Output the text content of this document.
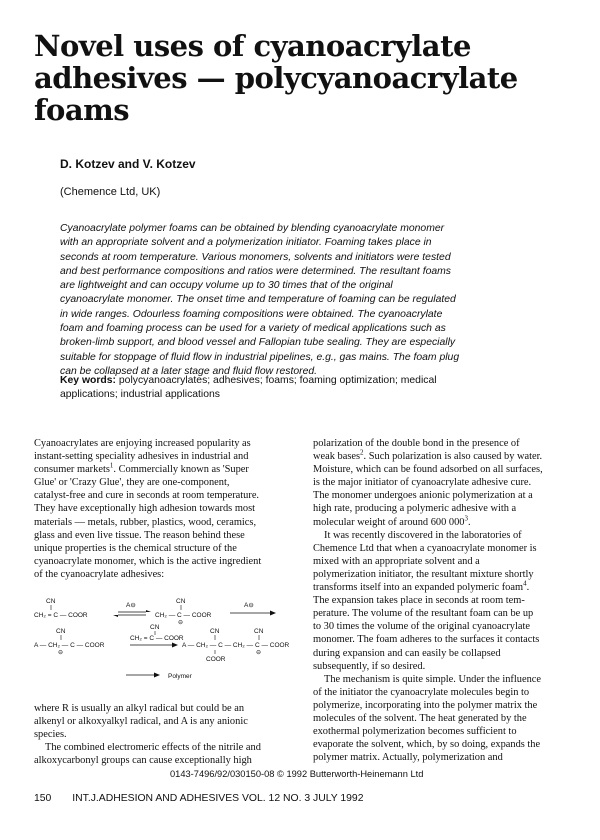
Novel uses of cyanoacrylate
adhesives — polycyanoacrylate
foams
D. Kotzev and V. Kotzev
(Chemence Ltd, UK)
Cyanoacrylate polymer foams can be obtained by blending cyanoacrylate monomer
with an appropriate solvent and a polymerization initiator. Foaming takes place in
seconds at room temperature. Various monomers, solvents and initiators were tested
and best performance compositions and ratios were determined. The resultant foams
are lightweight and can occupy volume up to 30 times that of the original
cyanoacrylate monomer. The onset time and temperature of foaming can be regulated
in wide ranges. Odourless foaming compositions were obtained. The cyanoacrylate
foam and foaming process can be used for a variety of medical applications such as
broken-limb support, and blood vessel and Fallopian tube sealing. They are especially
suitable for stoppage of fluid flow in industrial pipelines, e.g., gas mains. The foam plug
can be collapsed at a later stage and fluid flow restored.
Key words: polycyanoacrylates; adhesives; foams; foaming optimization; medical
applications; industrial applications
Cyanoacrylates are enjoying increased popularity as
instant-setting speciality adhesives in industrial and
consumer markets$^1$. Commercially known as 'Super
Glue' or 'Crazy Glue', they are one-component,
catalyst-free and cure in seconds at room temperature.
They have exceptionally high adhesion towards most
materials — metals, rubber, plastics, wood, ceramics,
glass and even live tissue. The reason behind these
unique properties is the chemical structure of the
cyanoacrylate monomer, which is the active ingredient
of the cyanoacrylate adhesives:
CN
CH₂ = C — COOR
A⊖
CN
CH₂ — C — COOR
⊖
A⊖
CN
A — CH₂ — C — COOR
⊖
CN
CH₂ = C — COOR
CN	CN
A — CH₂ — C — CH₂ — C — COOR
COOR
⊖
Polymer
where R is usually an alkyl radical but could be an
alkenyl or alkoxyalkyl radical, and A is any anionic
species.
The combined electromeric effects of the nitrile and
alkoxycarbonyl groups can cause exceptionally high
polarization of the double bond in the presence of
weak bases$^2$. Such polarization is also caused by water.
Moisture, which can be found adsorbed on all surfaces,
is the major initiator of cyanoacrylate adhesive cure.
The monomer undergoes anionic polymerization at a
high rate, producing a polymeric adhesive with a
molecular weight of around 600 $000^3$.
It was recently discovered in the laboratories of
Chemence Ltd that when a cyanoacrylate monomer is
mixed with an appropriate solvent and a
polymerization initiator, the resultant mixture shortly
transforms itself into an expanded polymeric foam$^4$.
The expansion takes place in seconds at room tem-
perature. The volume of the resultant foam can be up
to 30 times the volume of the original cyanoacrylate
monomer. The foam adheres to the surfaces it contacts
during expansion and can easily be collapsed
subsequently, if so desired.
The mechanism is quite simple. Under the influence
of the initiator the cyanoacrylate molecules begin to
polymerize, incorporating into the polymer matrix the
molecules of the solvent. The heat generated by the
exothermal polymerization becomes sufficient to
evaporate the solvent, which, by so doing, expands the
polymer matrix. Actually, polymerization and
0143-7496/92/030150-08 © 1992 Butterworth-Heinemann Ltd
150 INT.J.ADHESION AND ADHESIVES VOL. 12 NO. 3 JULY 1992
